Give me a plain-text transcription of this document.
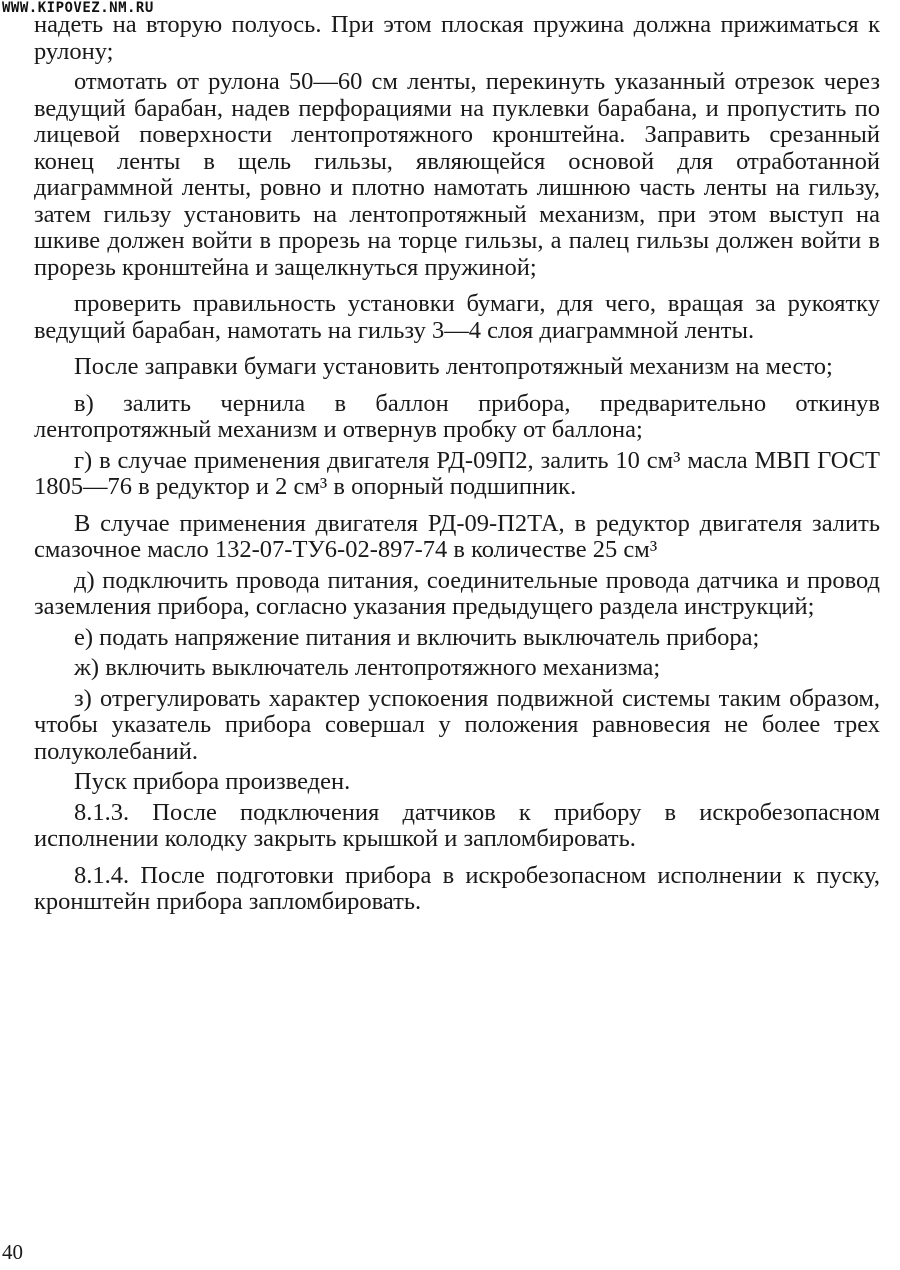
WWW.KIPOVEZ.NM.RU

надеть на вторую полуось. При этом плоская пружина должна прижиматься к рулону;

отмотать от рулона 50—60 см ленты, перекинуть указанный отрезок через ведущий барабан, надев перфорациями на пуклевки барабана, и пропустить по лицевой поверхности лентопротяжного кронштейна. Заправить срезанный конец ленты в щель гильзы, являющейся основой для отработанной диаграммной ленты, ровно и плотно намотать лишнюю часть ленты на гильзу, затем гильзу установить на лентопротяжный механизм, при этом выступ на шкиве должен войти в прорезь на торце гильзы, а палец гильзы должен войти в прорезь кронштейна и защелкнуться пружиной;

проверить правильность установки бумаги, для чего, вращая за рукоятку ведущий барабан, намотать на гильзу 3—4 слоя диаграммной ленты.

После заправки бумаги установить лентопротяжный механизм на место;

в) залить чернила в баллон прибора, предварительно откинув лентопротяжный механизм и отвернув пробку от баллона;

г) в случае применения двигателя РД-09П2, залить 10 см³ масла МВП ГОСТ 1805—76 в редуктор и 2 см³ в опорный подшипник.

В случае применения двигателя РД-09-П2ТА, в редуктор двигателя залить смазочное масло 132-07-ТУ6-02-897-74 в количестве 25 см³

д) подключить провода питания, соединительные провода датчика и провод заземления прибора, согласно указания предыдущего раздела инструкций;

е) подать напряжение питания и включить выключатель прибора;

ж) включить выключатель лентопротяжного механизма;

з) отрегулировать характер успокоения подвижной системы таким образом, чтобы указатель прибора совершал у положения равновесия не более трех полуколебаний.

Пуск прибора произведен.

8.1.3. После подключения датчиков к прибору в искробезопасном исполнении колодку закрыть крышкой и запломбировать.

8.1.4. После подготовки прибора в искробезопасном исполнении к пуску, кронштейн прибора запломбировать.

40
